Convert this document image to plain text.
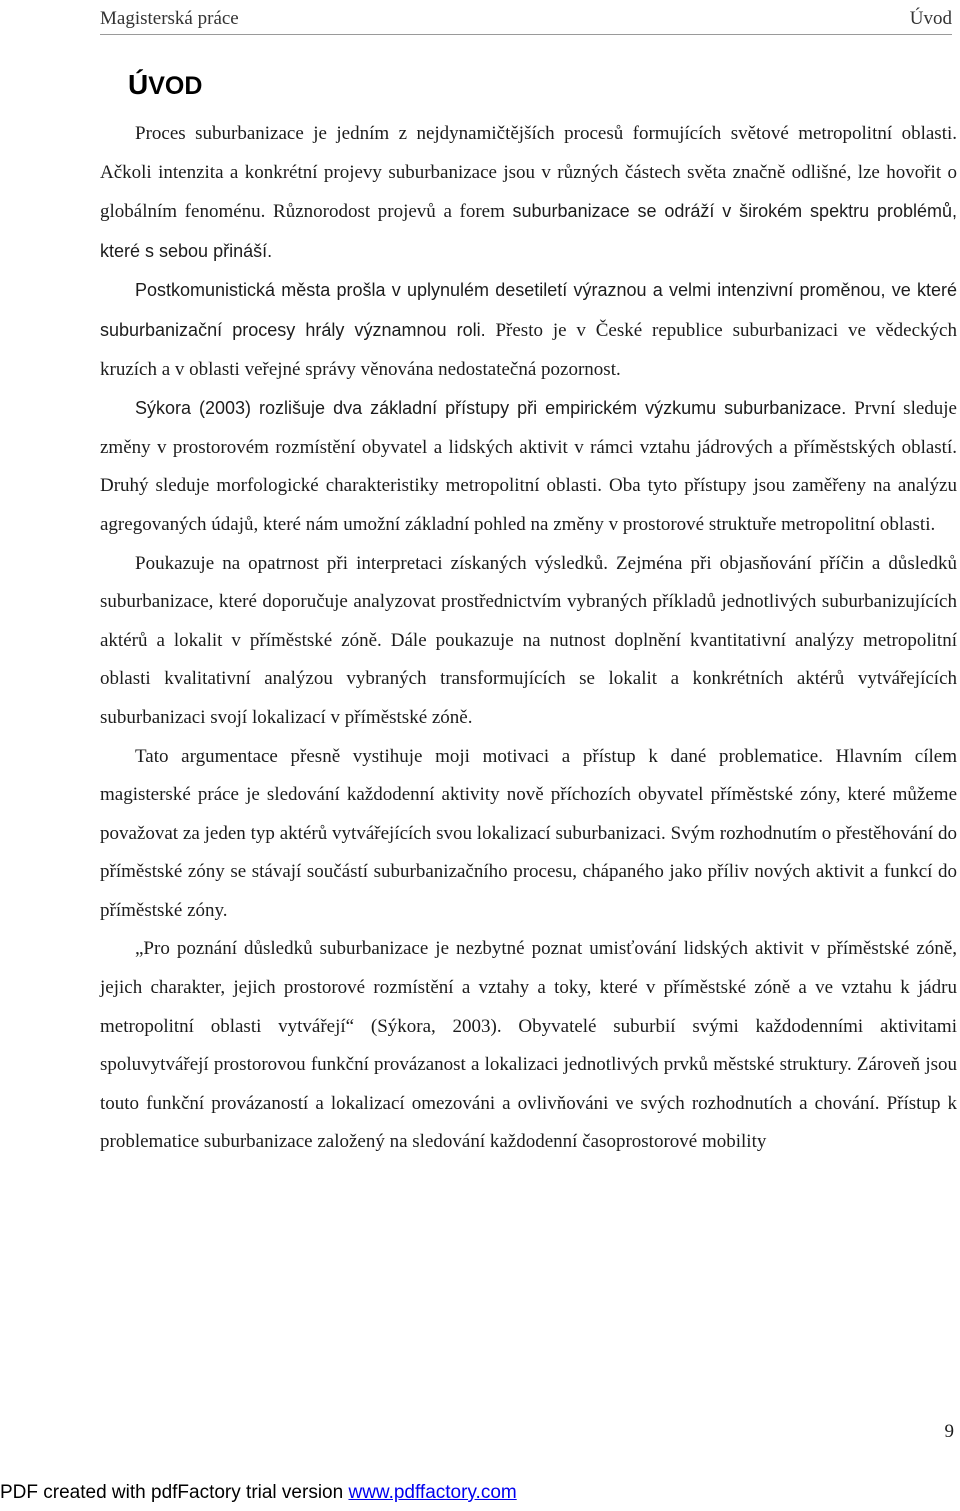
Magisterská práce	Úvod
ÚVOD

Proces suburbanizace je jedním z nejdynamičtějších procesů formujících světové metropolitní oblasti. Ačkoli intenzita a konkrétní projevy suburbanizace jsou v různých částech světa značně odlišné, lze hovořit o globálním fenoménu. Různorodost projevů a forem suburbanizace se odráží v širokém spektru problémů, které s sebou přináší.

Postkomunistická města prošla v uplynulém desetiletí výraznou a velmi intenzivní proměnou, ve které suburbanizační procesy hrály významnou roli. Přesto je v České republice suburbanizaci ve vědeckých kruzích a v oblasti veřejné správy věnována nedostatečná pozornost.

Sýkora (2003) rozlišuje dva základní přístupy při empirickém výzkumu suburbanizace. První sleduje změny v prostorovém rozmístění obyvatel a lidských aktivit v rámci vztahu jádrových a příměstských oblastí. Druhý sleduje morfologické charakteristiky metropolitní oblasti. Oba tyto přístupy jsou zaměřeny na analýzu agregovaných údajů, které nám umožní základní pohled na změny v prostorové struktuře metropolitní oblasti.

Poukazuje na opatrnost při interpretaci získaných výsledků. Zejména při objasňování příčin a důsledků suburbanizace, které doporučuje analyzovat prostřednictvím vybraných příkladů jednotlivých suburbanizujících aktérů a lokalit v příměstské zóně. Dále poukazuje na nutnost doplnění kvantitativní analýzy metropolitní oblasti kvalitativní analýzou vybraných transformujících se lokalit a konkrétních aktérů vytvářejících suburbanizaci svojí lokalizací v příměstské zóně.

Tato argumentace přesně vystihuje moji motivaci a přístup k dané problematice. Hlavním cílem magisterské práce je sledování každodenní aktivity nově příchozích obyvatel příměstské zóny, které můžeme považovat za jeden typ aktérů vytvářejících svou lokalizací suburbanizaci. Svým rozhodnutím o přestěhování do příměstské zóny se stávají součástí suburbanizačního procesu, chápaného jako příliv nových aktivit a funkcí do příměstské zóny.

„Pro poznání důsledků suburbanizace je nezbytné poznat umisťování lidských aktivit v příměstské zóně, jejich charakter, jejich prostorové rozmístění a vztahy a toky, které v příměstské zóně a ve vztahu k jádru metropolitní oblasti vytvářejí“ (Sýkora, 2003). Obyvatelé suburbií svými každodenními aktivitami spoluvytvářejí prostorovou funkční provázanost a lokalizaci jednotlivých prvků městské struktury. Zároveň jsou touto funkční provázaností a lokalizací omezováni a ovlivňováni ve svých rozhodnutích a chování. Přístup k problematice suburbanizace založený na sledování každodenní časoprostorové mobility

9
PDF created with pdfFactory trial version www.pdffactory.com
